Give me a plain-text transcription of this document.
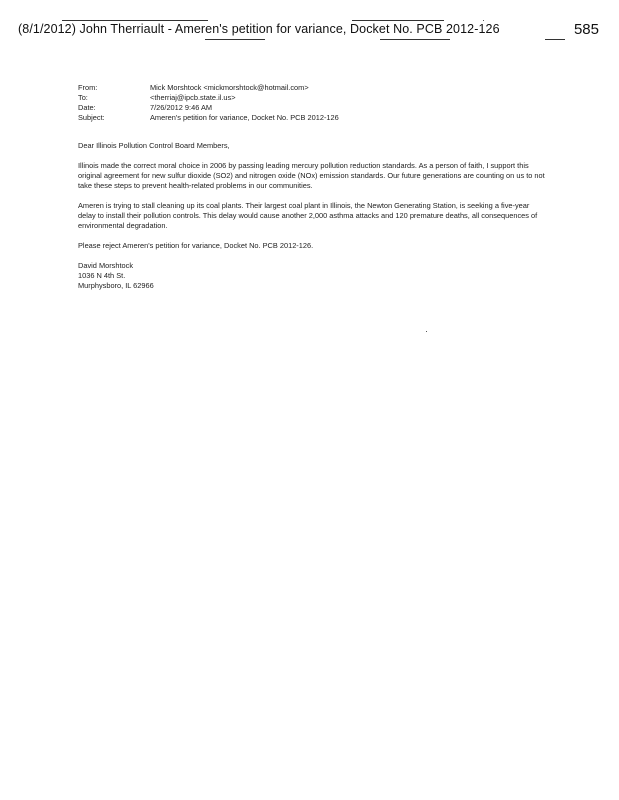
(8/1/2012) John Therriault - Ameren's petition for variance, Docket No. PCB 2012-126	585
From:	Mick Morshtock <mickmorshtock@hotmail.com>
To:	<therriaj@ipcb.state.il.us>
Date:	7/26/2012 9:46 AM
Subject:	Ameren's petition for variance, Docket No. PCB 2012-126

Dear Illinois Pollution Control Board Members,

Illinois made the correct moral choice in 2006 by passing leading mercury pollution reduction standards. As a person of faith, I support this original agreement for new sulfur dioxide (SO2) and nitrogen oxide (NOx) emission standards. Our future generations are counting on us to not take these steps to prevent health-related problems in our communities.

Ameren is trying to stall cleaning up its coal plants. Their largest coal plant in Illinois, the Newton Generating Station, is seeking a five-year delay to install their pollution controls. This delay would cause another 2,000 asthma attacks and 120 premature deaths, all consequences of environmental degradation.

Please reject Ameren's petition for variance, Docket No. PCB 2012-126.

David Morshtock
1036 N 4th St.
Murphysboro, IL 62966
